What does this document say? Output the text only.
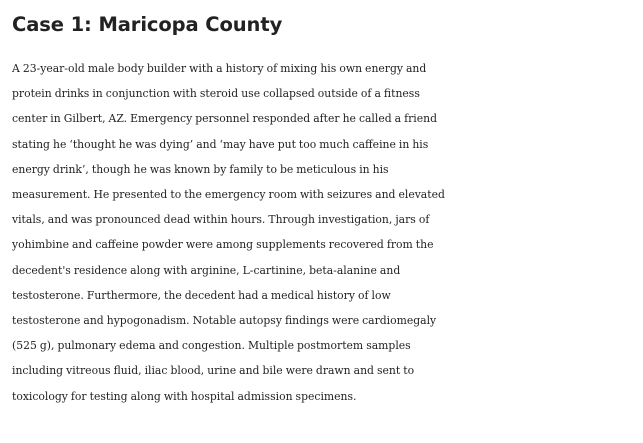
Case 1: Maricopa County

A 23-year-old male body builder with a history of mixing his own energy and
protein drinks in conjunction with steroid use collapsed outside of a fitness
center in Gilbert, AZ. Emergency personnel responded after he called a friend
stating he ‘thought he was dying’ and ‘may have put too much caffeine in his
energy drink’, though he was known by family to be meticulous in his
measurement. He presented to the emergency room with seizures and elevated
vitals, and was pronounced dead within hours. Through investigation, jars of
yohimbine and caffeine powder were among supplements recovered from the
decedent's residence along with arginine, L-cartinine, beta-alanine and
testosterone. Furthermore, the decedent had a medical history of low
testosterone and hypogonadism. Notable autopsy findings were cardiomegaly
(525 g), pulmonary edema and congestion. Multiple postmortem samples
including vitreous fluid, iliac blood, urine and bile were drawn and sent to
toxicology for testing along with hospital admission specimens.
